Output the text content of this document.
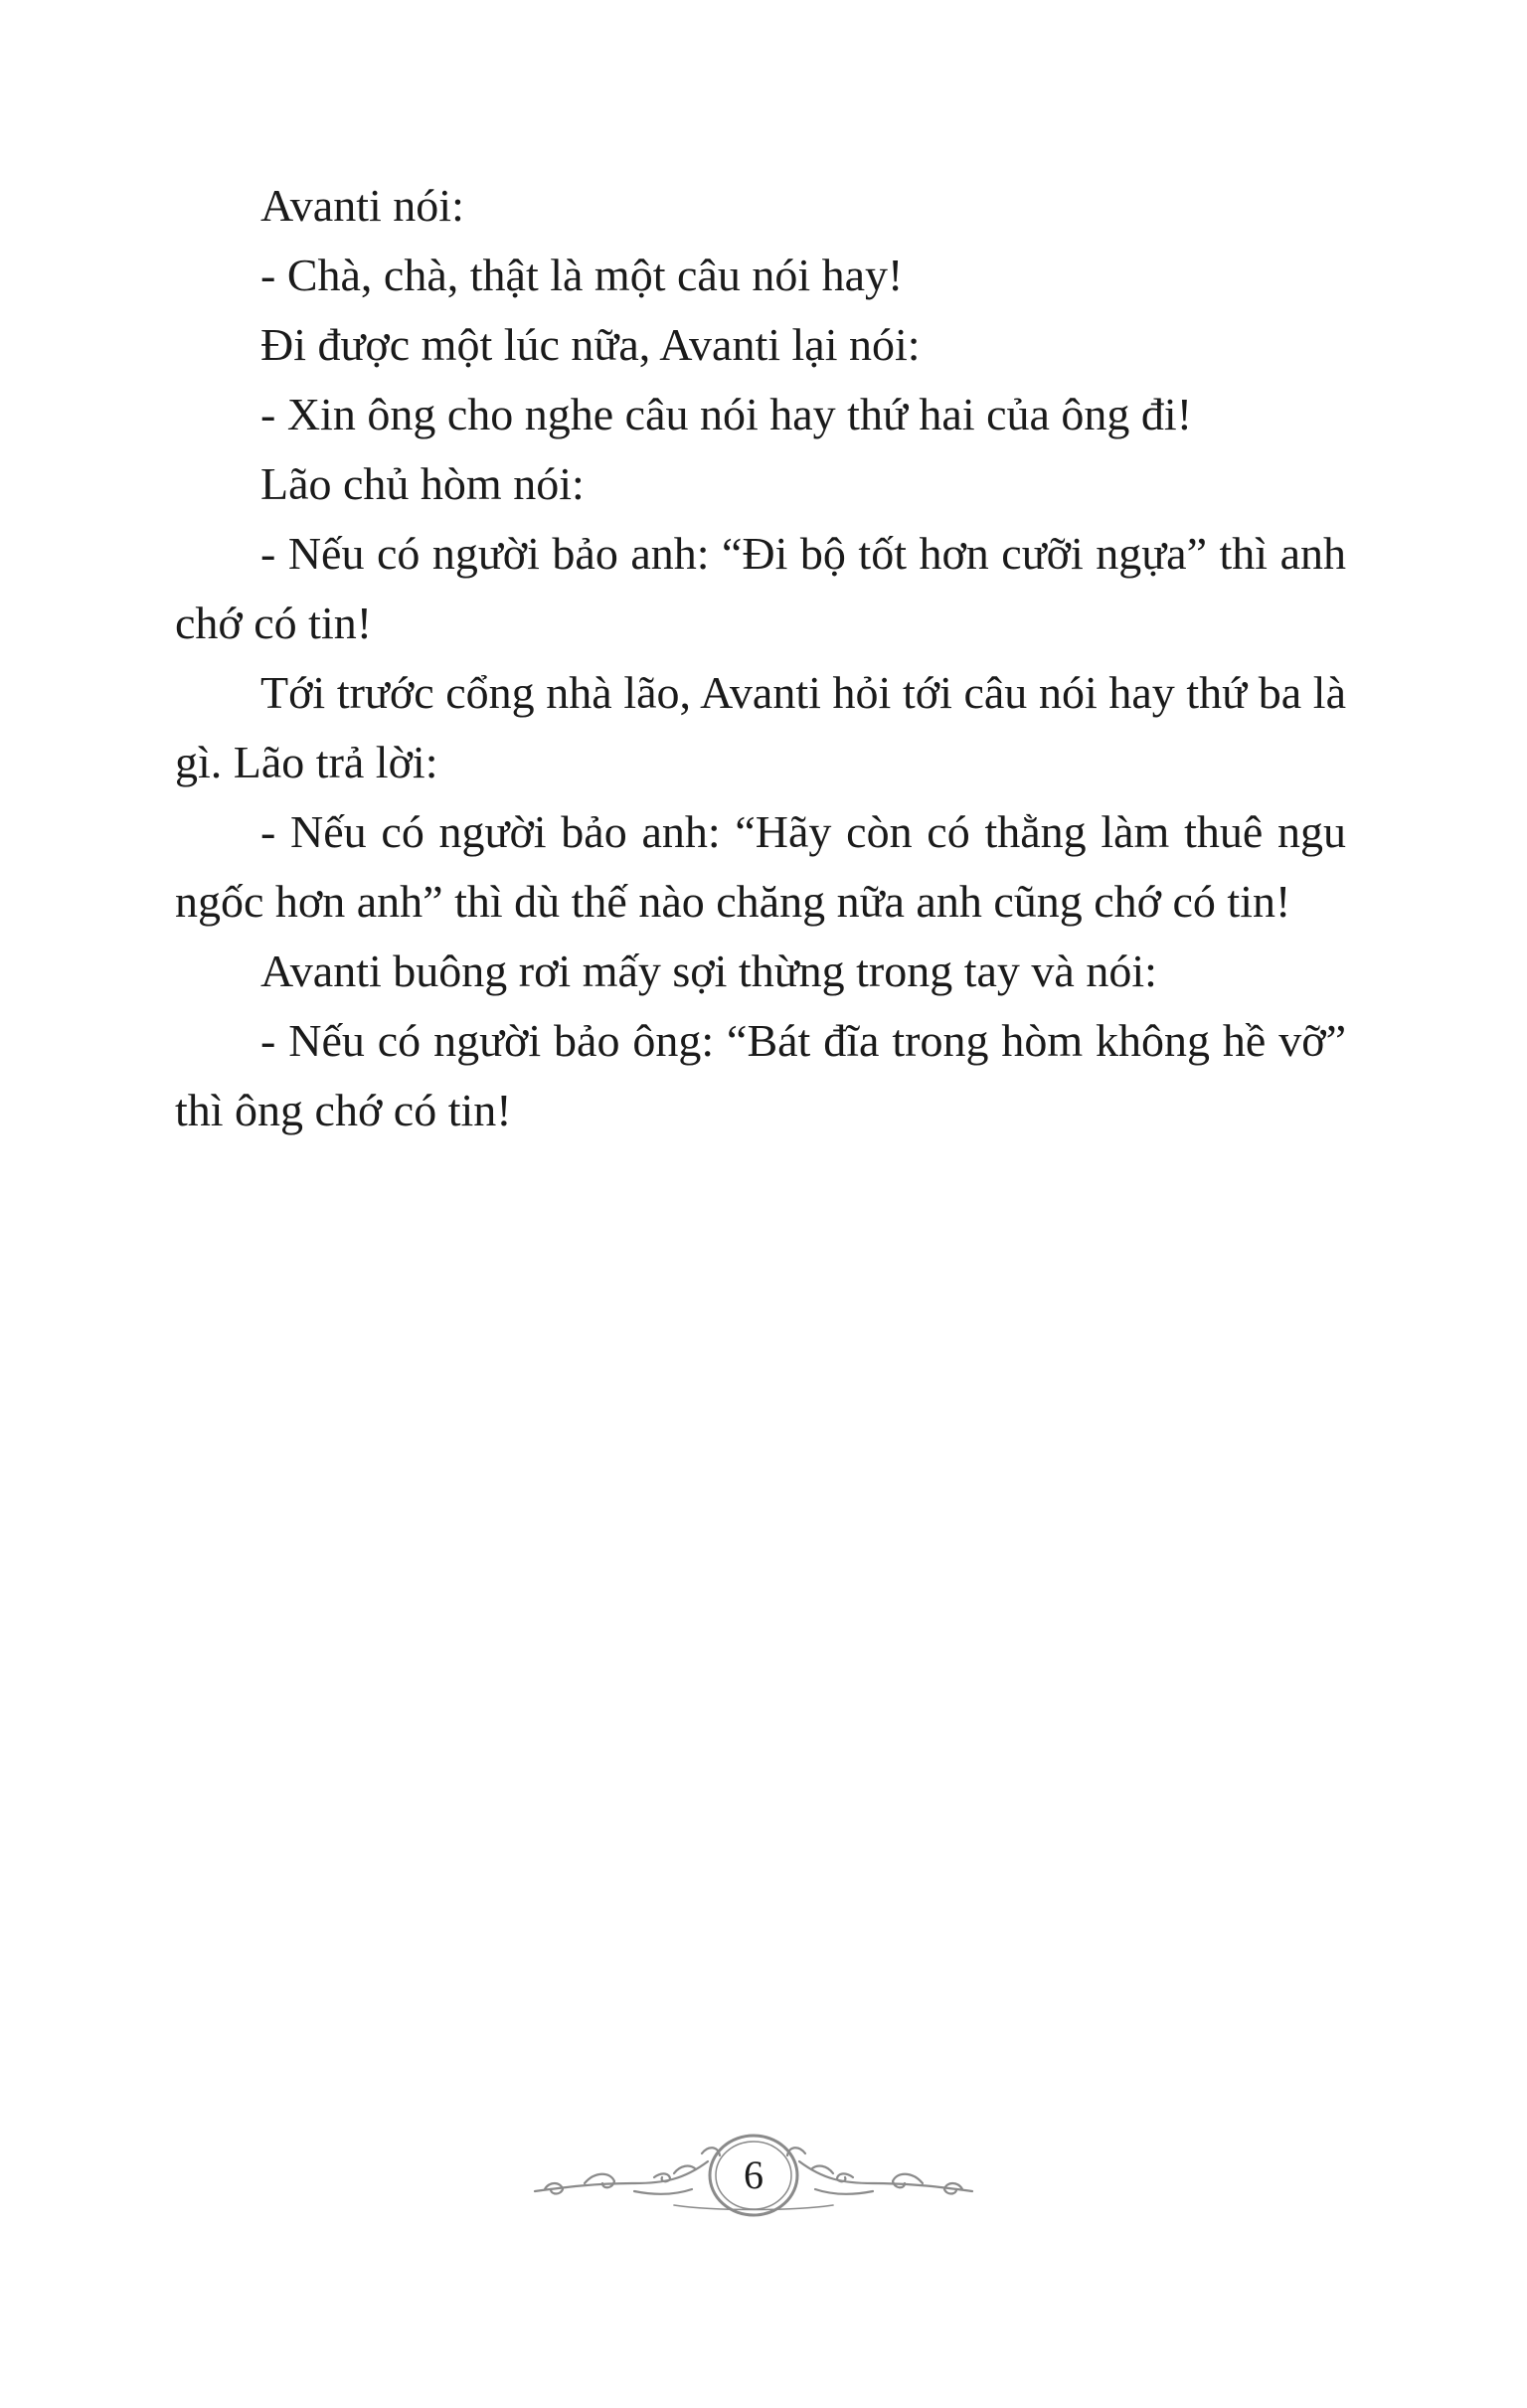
Avanti nói:

- Chà, chà, thật là một câu nói hay!

Đi được một lúc nữa, Avanti lại nói:

- Xin ông cho nghe câu nói hay thứ hai của ông đi!

Lão chủ hòm nói:

- Nếu có người bảo anh: “Đi bộ tốt hơn cưỡi ngựa” thì anh chớ có tin!

Tới trước cổng nhà lão, Avanti hỏi tới câu nói hay thứ ba là gì. Lão trả lời:

- Nếu có người bảo anh: “Hãy còn có thằng làm thuê ngu ngốc hơn anh” thì dù thế nào chăng nữa anh cũng chớ có tin!

Avanti buông rơi mấy sợi thừng trong tay và nói:

- Nếu có người bảo ông: “Bát đĩa trong hòm không hề vỡ” thì ông chớ có tin!

6
